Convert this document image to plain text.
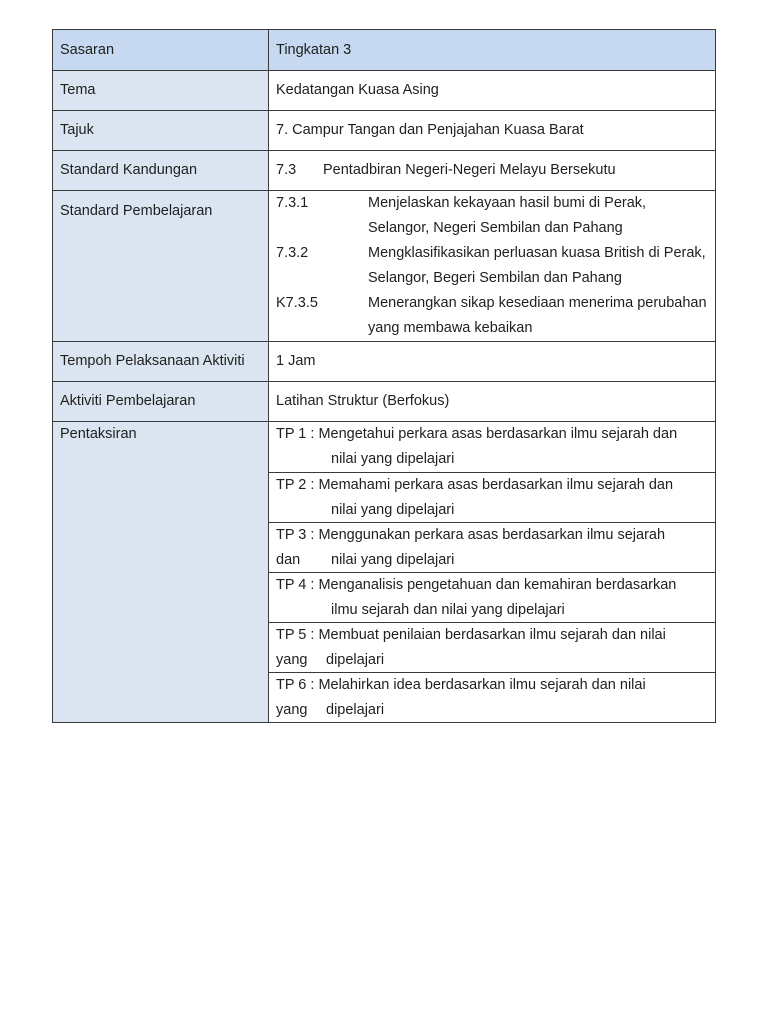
Sasaran	Tingkatan 3
Tema	Kedatangan Kuasa Asing
Tajuk	7. Campur Tangan dan Penjajahan Kuasa Barat
Standard Kandungan	7.3	Pentadbiran Negeri-Negeri Melayu Bersekutu
Standard Pembelajaran	7.3.1	Menjelaskan kekayaan hasil bumi di Perak, Selangor, Negeri Sembilan dan Pahang
7.3.2	Mengklasifikasikan perluasan kuasa British di Perak, Selangor, Begeri Sembilan dan Pahang
K7.3.5	Menerangkan sikap kesediaan menerima perubahan yang membawa kebaikan
Tempoh Pelaksanaan Aktiviti	1 Jam
Aktiviti Pembelajaran	Latihan Struktur (Berfokus)
Pentaksiran	TP 1 : Mengetahui perkara asas berdasarkan ilmu sejarah dan
nilai yang dipelajari
TP 2 : Memahami perkara asas berdasarkan ilmu sejarah dan
nilai yang dipelajari
TP 3 : Menggunakan perkara asas berdasarkan ilmu sejarah
dan nilai yang dipelajari
TP 4 : Menganalisis pengetahuan dan kemahiran berdasarkan
ilmu sejarah dan nilai yang dipelajari
TP 5 : Membuat penilaian berdasarkan ilmu sejarah dan nilai
yang dipelajari
TP 6 : Melahirkan idea berdasarkan ilmu sejarah dan nilai
yang dipelajari
